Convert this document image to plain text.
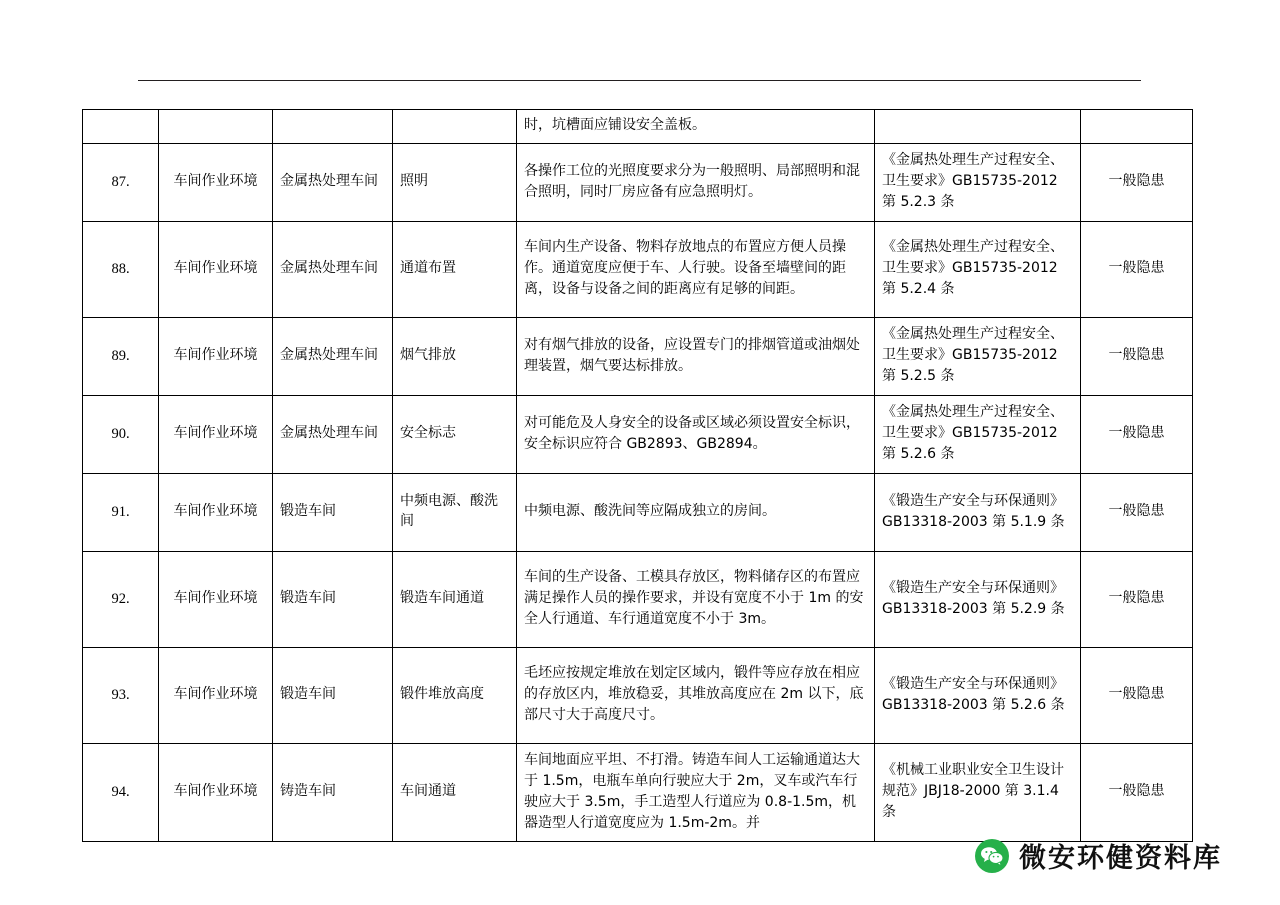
				时，坑槽面应铺设安全盖板。		
87.	车间作业环境	金属热处理车间	照明	各操作工位的光照度要求分为一般照明、局部照明和混合照明，同时厂房应备有应急照明灯。	《金属热处理生产过程安全、卫生要求》GB15735-2012 第 5.2.3 条	一般隐患
88.	车间作业环境	金属热处理车间	通道布置	车间内生产设备、物料存放地点的布置应方便人员操作。通道宽度应便于车、人行驶。设备至墙壁间的距离，设备与设备之间的距离应有足够的间距。	《金属热处理生产过程安全、卫生要求》GB15735-2012 第 5.2.4 条	一般隐患
89.	车间作业环境	金属热处理车间	烟气排放	对有烟气排放的设备，应设置专门的排烟管道或油烟处理装置，烟气要达标排放。	《金属热处理生产过程安全、卫生要求》GB15735-2012 第 5.2.5 条	一般隐患
90.	车间作业环境	金属热处理车间	安全标志	对可能危及人身安全的设备或区域必须设置安全标识，安全标识应符合 GB2893、GB2894。	《金属热处理生产过程安全、卫生要求》GB15735-2012 第 5.2.6 条	一般隐患
91.	车间作业环境	锻造车间	中频电源、酸洗间	中频电源、酸洗间等应隔成独立的房间。	《锻造生产安全与环保通则》GB13318-2003 第 5.1.9 条	一般隐患
92.	车间作业环境	锻造车间	锻造车间通道	车间的生产设备、工模具存放区，物料储存区的布置应满足操作人员的操作要求，并设有宽度不小于 1m 的安全人行通道、车行通道宽度不小于 3m。	《锻造生产安全与环保通则》GB13318-2003 第 5.2.9 条	一般隐患
93.	车间作业环境	锻造车间	锻件堆放高度	毛坯应按规定堆放在划定区域内，锻件等应存放在相应的存放区内，堆放稳妥，其堆放高度应在 2m 以下，底部尺寸大于高度尺寸。	《锻造生产安全与环保通则》GB13318-2003 第 5.2.6 条	一般隐患
94.	车间作业环境	铸造车间	车间通道	车间地面应平坦、不打滑。铸造车间人工运输通道达大于 1.5m，电瓶车单向行驶应大于 2m，叉车或汽车行驶应大于 3.5m，手工造型人行道应为 0.8-1.5m，机器造型人行道宽度应为 1.5m-2m。并	《机械工业职业安全卫生设计规范》JBJ18-2000 第 3.1.4 条	一般隐患
微安环健资料库
